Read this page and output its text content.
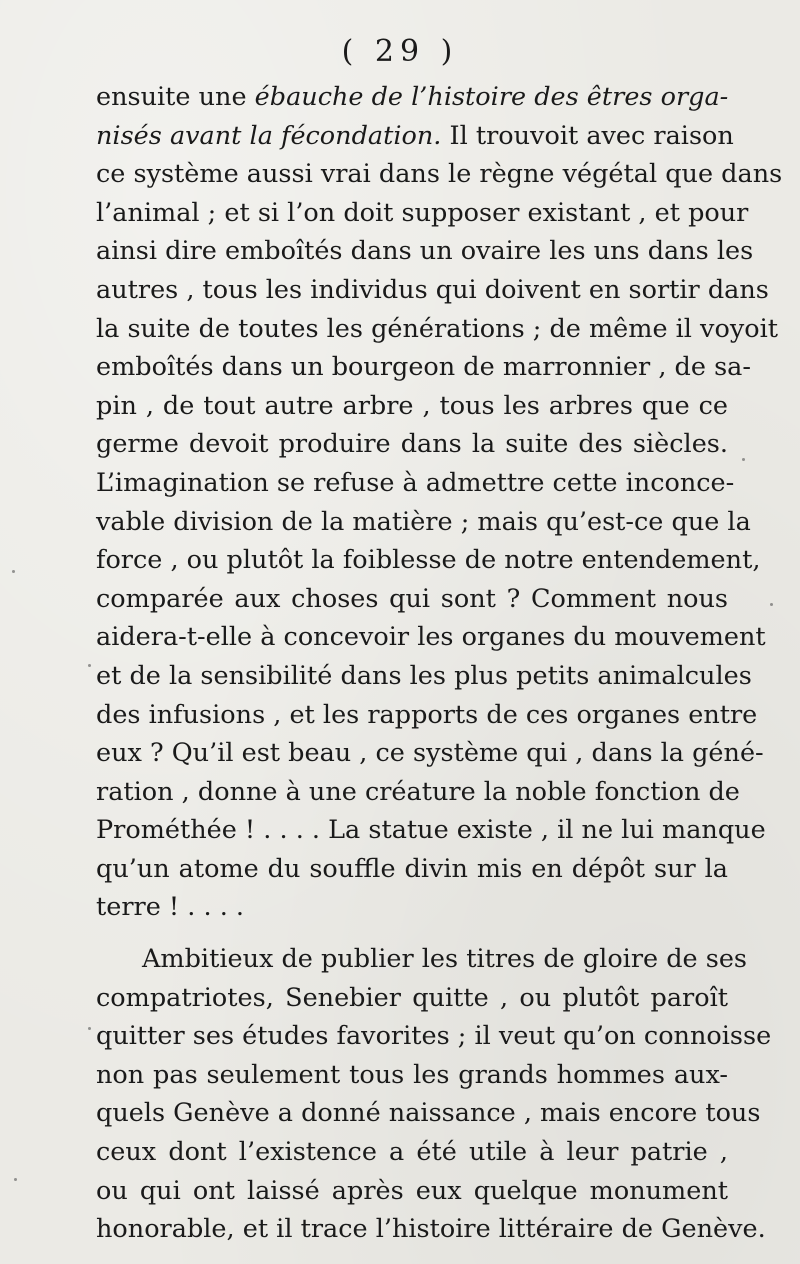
( 29 )
ensuite une ébauche de l’histoire des êtres orga-
nisés avant la fécondation. Il trouvoit avec raison
ce système aussi vrai dans le règne végétal que dans
l’animal ; et si l’on doit supposer existant , et pour
ainsi dire emboîtés dans un ovaire les uns dans les
autres , tous les individus qui doivent en sortir dans
la suite de toutes les générations ; de même il voyoit
emboîtés dans un bourgeon de marronnier , de sa-
pin , de tout autre arbre , tous les arbres que ce
germe devoit produire dans la suite des siècles.
L’imagination se refuse à admettre cette inconce-
vable division de la matière ; mais qu’est-ce que la
force , ou plutôt la foiblesse de notre entendement,
comparée aux choses qui sont ? Comment nous
aidera-t-elle à concevoir les organes du mouvement
et de la sensibilité dans les plus petits animalcules
des infusions , et les rapports de ces organes entre
eux ? Qu’il est beau , ce système qui , dans la géné-
ration , donne à une créature la noble fonction de
Prométhée ! . . . . La statue existe , il ne lui manque
qu’un atome du souffle divin mis en dépôt sur la
terre ! . . . .
Ambitieux de publier les titres de gloire de ses
compatriotes, Senebier quitte , ou plutôt paroît
quitter ses études favorites ; il veut qu’on connoisse
non pas seulement tous les grands hommes aux-
quels Genève a donné naissance , mais encore tous
ceux dont l’existence a été utile à leur patrie ,
ou qui ont laissé après eux quelque monument
honorable, et il trace l’histoire littéraire de Genève.
